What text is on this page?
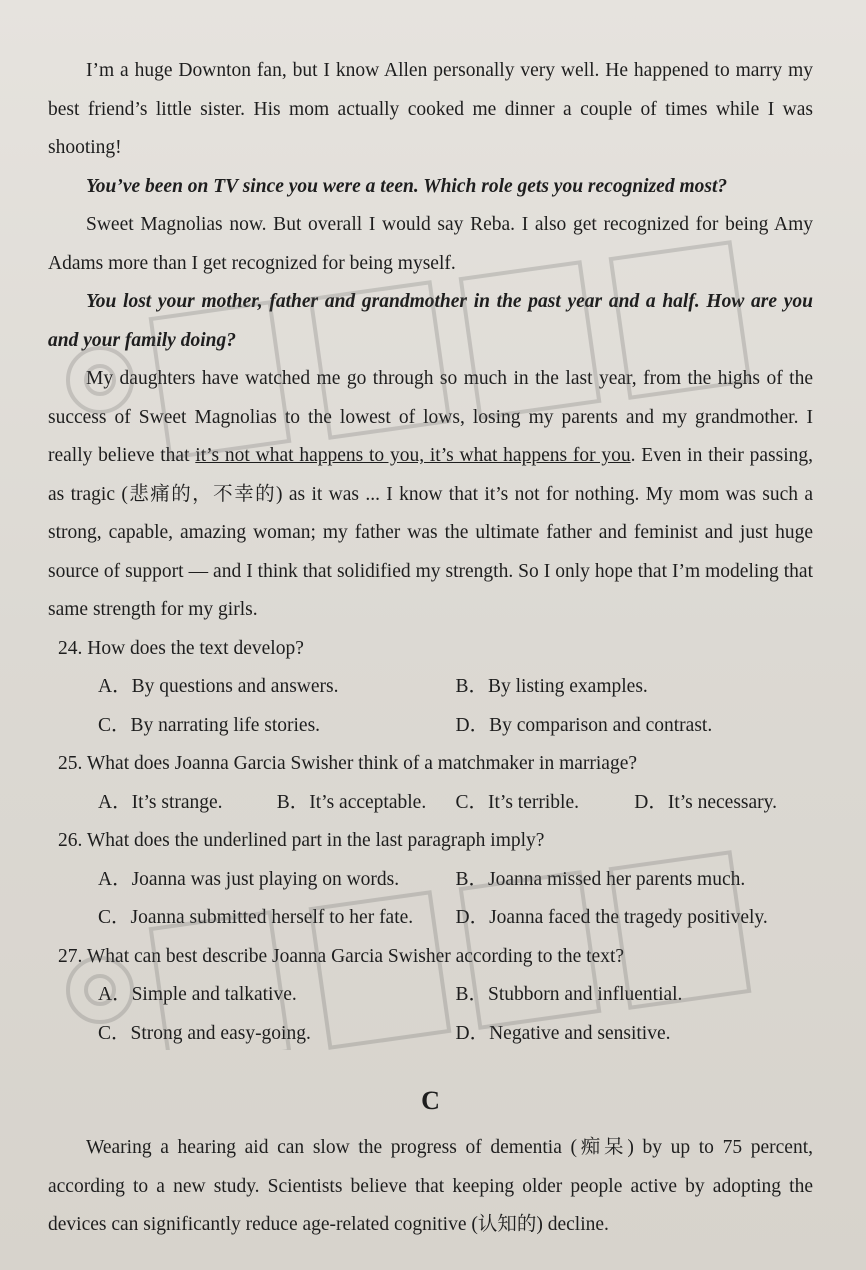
I’m a huge Downton fan, but I know Allen personally very well. He happened to marry my best friend’s little sister. His mom actually cooked me dinner a couple of times while I was shooting!

You’ve been on TV since you were a teen. Which role gets you recognized most?

Sweet Magnolias now. But overall I would say Reba. I also get recognized for being Amy Adams more than I get recognized for being myself.

You lost your mother, father and grandmother in the past year and a half. How are you and your family doing?

My daughters have watched me go through so much in the last year, from the highs of the success of Sweet Magnolias to the lowest of lows, losing my parents and my grandmother. I really believe that it’s not what happens to you, it’s what happens for you. Even in their passing, as tragic (悲痛的，不幸的) as it was ... I know that it’s not for nothing. My mom was such a strong, capable, amazing woman; my father was the ultimate father and feminist and just huge source of support — and I think that solidified my strength. So I only hope that I’m modeling that same strength for my girls.

24. How does the text develop?

A．By questions and answers.	B．By listing examples.
C．By narrating life stories.	D．By comparison and contrast.

25. What does Joanna Garcia Swisher think of a matchmaker in marriage?

A．It’s strange.	B．It’s acceptable.	C．It’s terrible.	D．It’s necessary.

26. What does the underlined part in the last paragraph imply?

A．Joanna was just playing on words.	B．Joanna missed her parents much.
C．Joanna submitted herself to her fate.	D．Joanna faced the tragedy positively.

27. What can best describe Joanna Garcia Swisher according to the text?

A．Simple and talkative.	B．Stubborn and influential.
C．Strong and easy-going.	D．Negative and sensitive.
C

Wearing a hearing aid can slow the progress of dementia (痴呆) by up to 75 percent, according to a new study. Scientists believe that keeping older people active by adopting the devices can significantly reduce age-related cognitive (认知的) decline.
